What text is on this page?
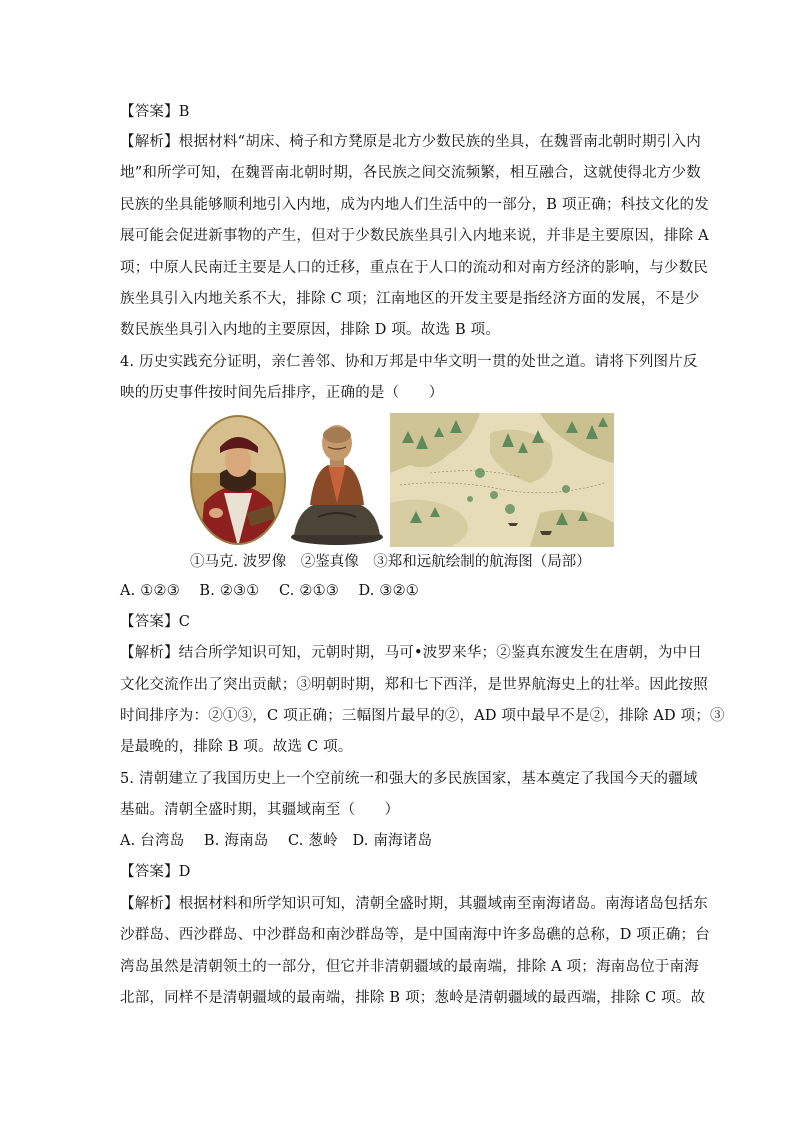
【答案】B
【解析】根据材料“胡床、椅子和方凳原是北方少数民族的坐具，在魏晋南北朝时期引入内
地”和所学可知，在魏晋南北朝时期，各民族之间交流频繁，相互融合，这就使得北方少数
民族的坐具能够顺利地引入内地，成为内地人们生活中的一部分，B 项正确；科技文化的发
展可能会促进新事物的产生，但对于少数民族坐具引入内地来说，并非是主要原因，排除 A
项；中原人民南迁主要是人口的迁移，重点在于人口的流动和对南方经济的影响，与少数民
族坐具引入内地关系不大，排除 C 项；江南地区的开发主要是指经济方面的发展，不是少
数民族坐具引入内地的主要原因，排除 D 项。故选 B 项。
4. 历史实践充分证明，亲仁善邻、协和万邦是中华文明一贯的处世之道。请将下列图片反
映的历史事件按时间先后排序，正确的是（　　）
①马克. 波罗像　②鉴真像　③郑和远航绘制的航海图（局部）
A. ①②③　 B. ②③①　 C. ②①③　 D. ③②①
【答案】C
【解析】结合所学知识可知，元朝时期，马可•波罗来华；②鉴真东渡发生在唐朝，为中日
文化交流作出了突出贡献；③明朝时期，郑和七下西洋，是世界航海史上的壮举。因此按照
时间排序为：②①③，C 项正确；三幅图片最早的②，AD 项中最早不是②，排除 AD 项；③
是最晚的，排除 B 项。故选 C 项。
5. 清朝建立了我国历史上一个空前统一和强大的多民族国家，基本奠定了我国今天的疆域
基础。清朝全盛时期，其疆域南至（　　）
A. 台湾岛　 B. 海南岛　 C. 葱岭　D. 南海诸岛
【答案】D
【解析】根据材料和所学知识可知，清朝全盛时期，其疆域南至南海诸岛。南海诸岛包括东
沙群岛、西沙群岛、中沙群岛和南沙群岛等，是中国南海中许多岛礁的总称，D 项正确；台
湾岛虽然是清朝领土的一部分，但它并非清朝疆域的最南端，排除 A 项；海南岛位于南海
北部，同样不是清朝疆域的最南端，排除 B 项；葱岭是清朝疆域的最西端，排除 C 项。故
